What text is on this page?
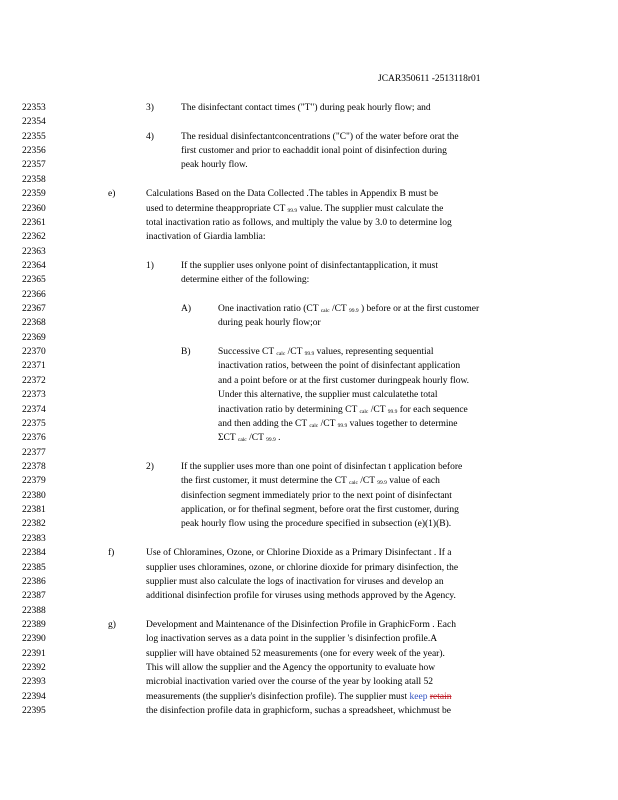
JCAR350611 -2513118r01
22353	3)	The disinfectant contact times ("T") during peak hourly flow; and
22354
22355	4)	The residual disinfectantconcentrations ("C") of the water before orat the
22356	first customer and prior to eachaddit ional point of disinfection during
22357	peak hourly flow.
22358
22359	e)	Calculations Based on the Data Collected .The tables in Appendix B must be
22360	used to determine theappropriate CT 99.9 value. The supplier must calculate the
22361	total inactivation ratio as follows, and multiply the value by 3.0 to determine log
22362	inactivation of Giardia lamblia:
22363
22364	1)	If the supplier uses onlyone point of disinfectantapplication, it must
22365	determine either of the following:
22366
22367	A)	One inactivation ratio (CT calc /CT 99.9 ) before or at the first customer
22368	during peak hourly flow;or
22369
22370	B)	Successive CT calc /CT 99.9 values, representing sequential
22371	inactivation ratios, between the point of disinfectant application
22372	and a point before or at the first customer duringpeak hourly flow.
22373	Under this alternative, the supplier must calculatethe total
22374	inactivation ratio by determining CT calc /CT 99.9 for each sequence
22375	and then adding the CT calc /CT 99.9 values together to determine
22376	ΣCT calc /CT 99.9 .
22377
22378	2)	If the supplier uses more than one point of disinfectan t application before
22379	the first customer, it must determine the CT calc /CT 99.9 value of each
22380	disinfection segment immediately prior to the next point of disinfectant
22381	application, or for thefinal segment, before orat the first customer, during
22382	peak hourly flow using the procedure specified in subsection (e)(1)(B).
22383
22384	f)	Use of Chloramines, Ozone, or Chlorine Dioxide as a Primary Disinfectant . If a
22385	supplier uses chloramines, ozone, or chlorine dioxide for primary disinfection, the
22386	supplier must also calculate the logs of inactivation for viruses and develop an
22387	additional disinfection profile for viruses using methods approved by the Agency.
22388
22389	g)	Development and Maintenance of the Disinfection Profile in GraphicForm . Each
22390	log inactivation serves as a data point in the supplier 's disinfection profile.A
22391	supplier will have obtained 52 measurements (one for every week of the year).
22392	This will allow the supplier and the Agency the opportunity to evaluate how
22393	microbial inactivation varied over the course of the year by looking atall 52
22394	measurements (the supplier's disinfection profile). The supplier must keep retain
22395	the disinfection profile data in graphicform, suchas a spreadsheet, whichmust be
